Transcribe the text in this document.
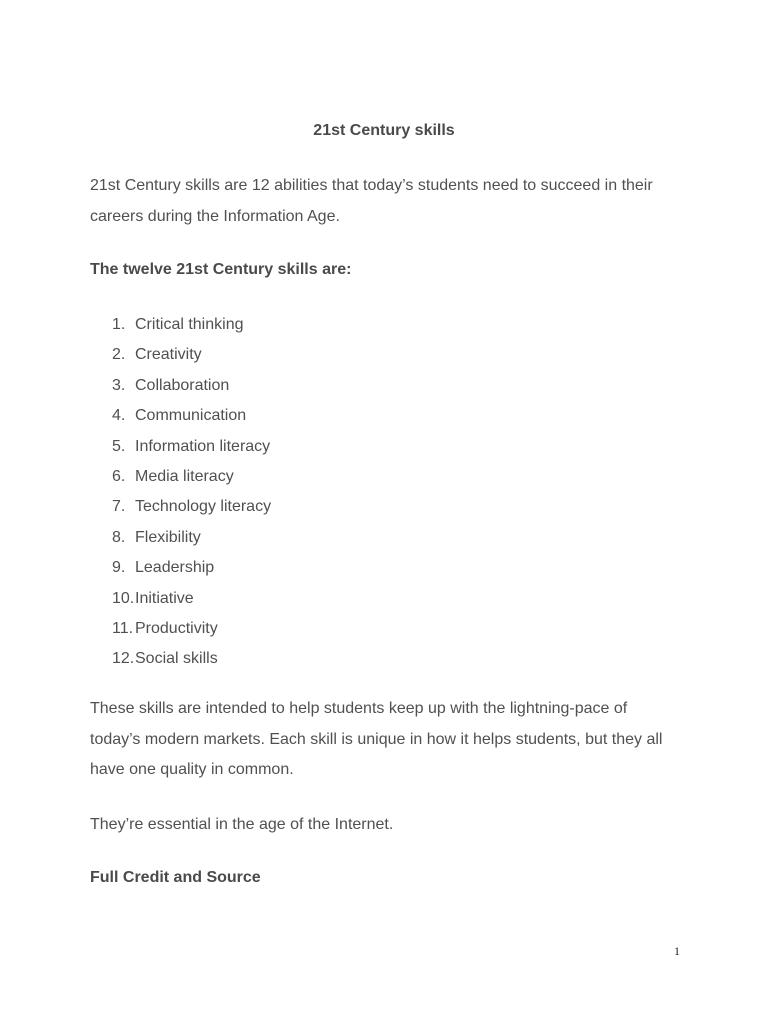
21st Century skills
21st Century skills are 12 abilities that today’s students need to succeed in their careers during the Information Age.
The twelve 21st Century skills are:
1. Critical thinking
2. Creativity
3. Collaboration
4. Communication
5. Information literacy
6. Media literacy
7. Technology literacy
8. Flexibility
9. Leadership
10. Initiative
11. Productivity
12. Social skills
These skills are intended to help students keep up with the lightning-pace of today’s modern markets. Each skill is unique in how it helps students, but they all have one quality in common.
They’re essential in the age of the Internet.
Full Credit and Source
1
